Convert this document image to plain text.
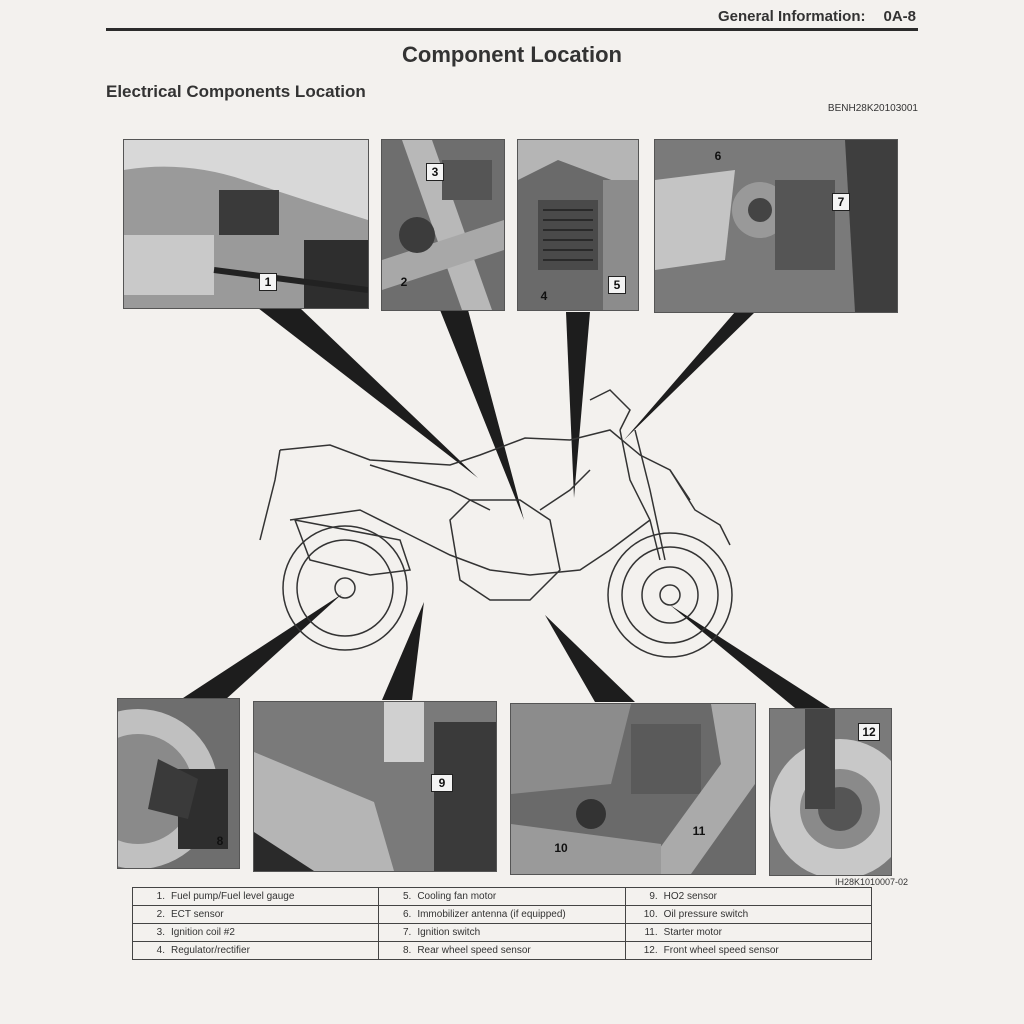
General Information: 0A-8
Component Location
Electrical Components Location
BENH28K20103001
1
3
2
4
5
6
7
8
9
10
11
12
IH28K1010007-02
1. Fuel pump/Fuel level gauge	5. Cooling fan motor	9. HO2 sensor
2. ECT sensor	6. Immobilizer antenna (if equipped)	10. Oil pressure switch
3. Ignition coil #2	7. Ignition switch	11. Starter motor
4. Regulator/rectifier	8. Rear wheel speed sensor	12. Front wheel speed sensor
